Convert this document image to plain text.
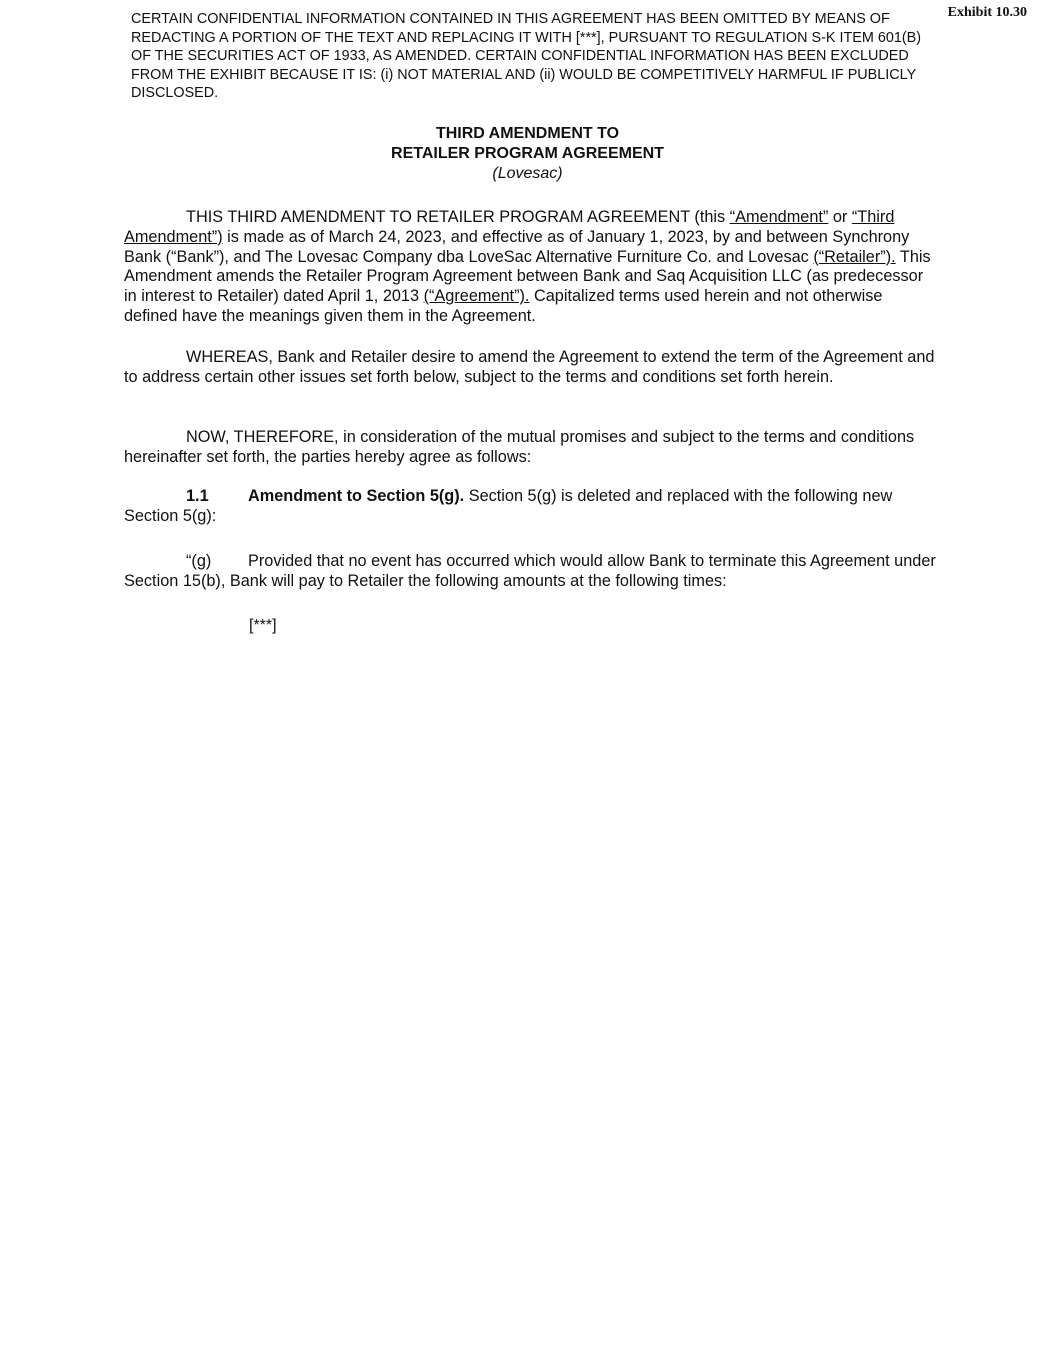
Exhibit 10.30
CERTAIN CONFIDENTIAL INFORMATION CONTAINED IN THIS AGREEMENT HAS BEEN OMITTED BY MEANS OF REDACTING A PORTION OF THE TEXT AND REPLACING IT WITH [***], PURSUANT TO REGULATION S-K ITEM 601(B) OF THE SECURITIES ACT OF 1933, AS AMENDED. CERTAIN CONFIDENTIAL INFORMATION HAS BEEN EXCLUDED FROM THE EXHIBIT BECAUSE IT IS: (i) NOT MATERIAL AND (ii) WOULD BE COMPETITIVELY HARMFUL IF PUBLICLY DISCLOSED.
THIRD AMENDMENT TO
RETAILER PROGRAM AGREEMENT
(Lovesac)

THIS THIRD AMENDMENT TO RETAILER PROGRAM AGREEMENT (this “Amendment” or “Third Amendment”) is made as of March 24, 2023, and effective as of January 1, 2023, by and between Synchrony Bank (“Bank”), and The Lovesac Company dba LoveSac Alternative Furniture Co. and Lovesac (“Retailer”). This Amendment amends the Retailer Program Agreement between Bank and Saq Acquisition LLC (as predecessor in interest to Retailer) dated April 1, 2013 (“Agreement”). Capitalized terms used herein and not otherwise defined have the meanings given them in the Agreement.

WHEREAS, Bank and Retailer desire to amend the Agreement to extend the term of the Agreement and to address certain other issues set forth below, subject to the terms and conditions set forth herein.

NOW, THEREFORE, in consideration of the mutual promises and subject to the terms and conditions hereinafter set forth, the parties hereby agree as follows:

1.1 Amendment to Section 5(g). Section 5(g) is deleted and replaced with the following new Section 5(g):

“(g) Provided that no event has occurred which would allow Bank to terminate this Agreement under Section 15(b), Bank will pay to Retailer the following amounts at the following times:

[***]
